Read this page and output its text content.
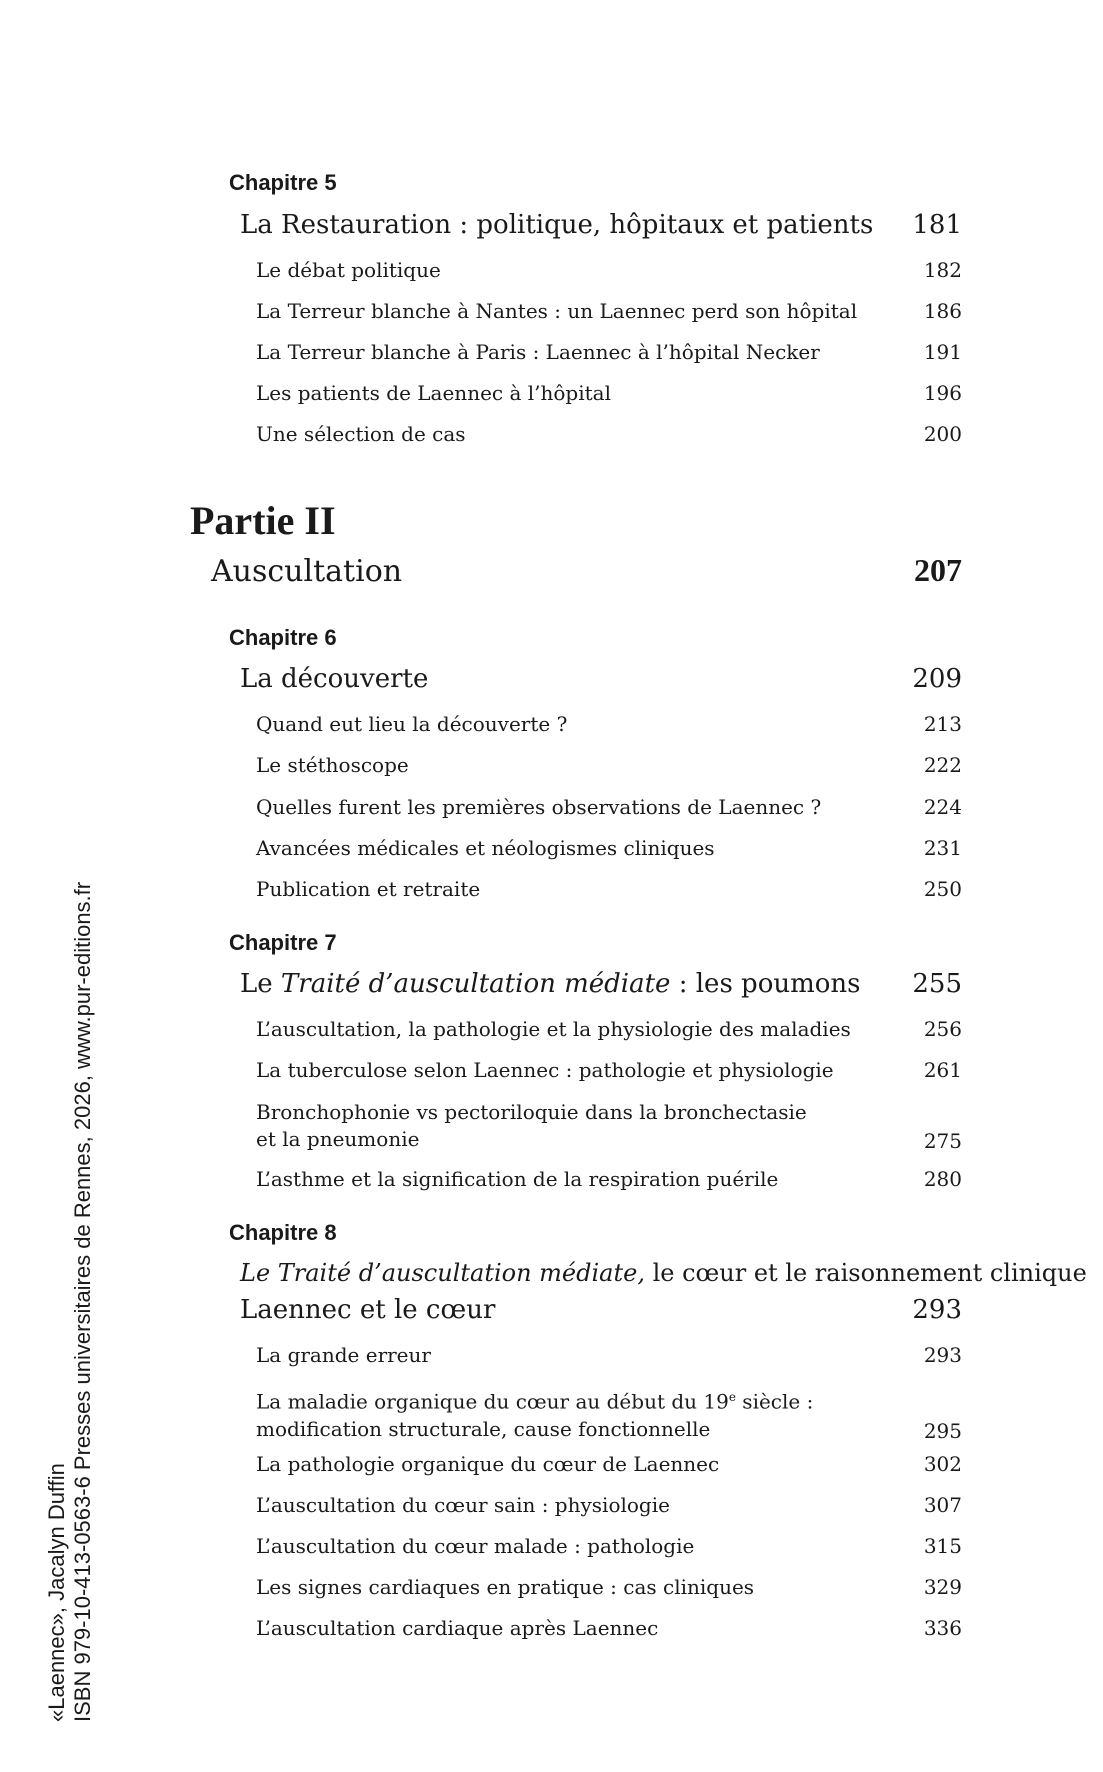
Chapitre 5
La Restauration : politique, hôpitaux et patients 181
Le débat politique	182
La Terreur blanche à Nantes : un Laennec perd son hôpital	186
La Terreur blanche à Paris : Laennec à l’hôpital Necker	191
Les patients de Laennec à l’hôpital	196
Une sélection de cas	200
Partie II
Auscultation	207
Chapitre 6
La découverte	209
Quand eut lieu la découverte ?	213
Le stéthoscope	222
Quelles furent les premières observations de Laennec ?	224
Avancées médicales et néologismes cliniques	231
Publication et retraite	250
Chapitre 7
Le Traité d’auscultation médiate : les poumons 255
L’auscultation, la pathologie et la physiologie des maladies	256
La tuberculose selon Laennec : pathologie et physiologie	261
Bronchophonie vs pectoriloquie dans la bronchectasie
et la pneumonie	275
L’asthme et la signification de la respiration puérile	280
Chapitre 8
Le Traité d’auscultation médiate, le cœur et le raisonnement clinique
Laennec et le cœur	293
La grande erreur	293
La maladie organique du cœur au début du 19e siècle :
modification structurale, cause fonctionnelle	295
La pathologie organique du cœur de Laennec	302
L’auscultation du cœur sain : physiologie	307
L’auscultation du cœur malade : pathologie	315
Les signes cardiaques en pratique : cas cliniques	329
L’auscultation cardiaque après Laennec	336
«Laennec», Jacalyn Duffin ISBN 979-10-413-0563-6 Presses universitaires de Rennes, 2026, www.pur-editions.fr
